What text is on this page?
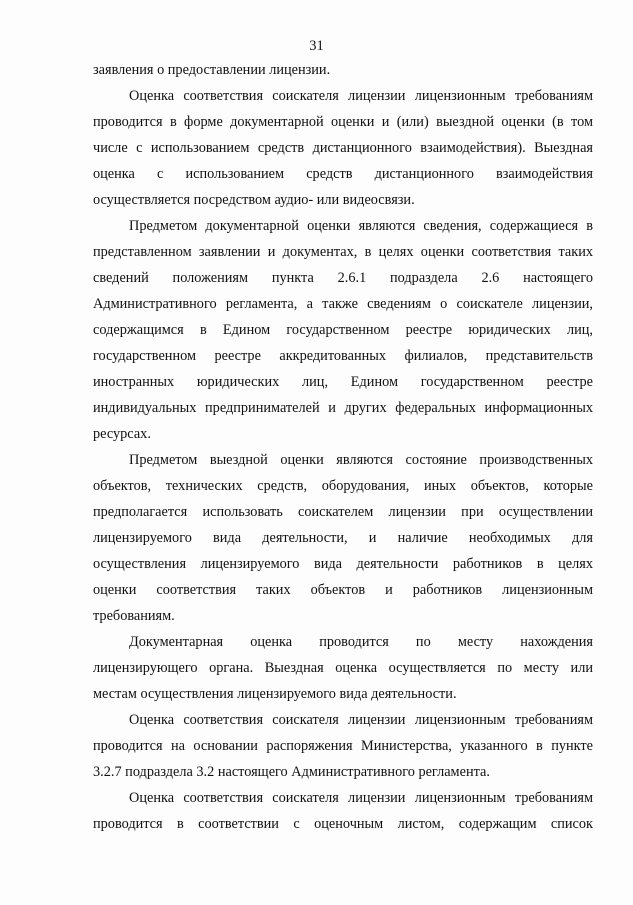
31
заявления о предоставлении лицензии.
Оценка соответствия соискателя лицензии лицензионным требованиям
проводится в форме документарной оценки и (или) выездной оценки (в том
числе с использованием средств дистанционного взаимодействия). Выездная
оценка с использованием средств дистанционного взаимодействия
осуществляется посредством аудио- или видеосвязи.
Предметом документарной оценки являются сведения, содержащиеся в
представленном заявлении и документах, в целях оценки соответствия таких
сведений положениям пункта 2.6.1 подраздела 2.6 настоящего
Административного регламента, а также сведениям о соискателе лицензии,
содержащимся в Едином государственном реестре юридических лиц,
государственном реестре аккредитованных филиалов, представительств
иностранных юридических лиц, Едином государственном реестре
индивидуальных предпринимателей и других федеральных информационных
ресурсах.
Предметом выездной оценки являются состояние производственных
объектов, технических средств, оборудования, иных объектов, которые
предполагается использовать соискателем лицензии при осуществлении
лицензируемого вида деятельности, и наличие необходимых для
осуществления лицензируемого вида деятельности работников в целях
оценки соответствия таких объектов и работников лицензионным
требованиям.
Документарная оценка проводится по месту нахождения
лицензирующего органа. Выездная оценка осуществляется по месту или
местам осуществления лицензируемого вида деятельности.
Оценка соответствия соискателя лицензии лицензионным требованиям
проводится на основании распоряжения Министерства, указанного в пункте
3.2.7 подраздела 3.2 настоящего Административного регламента.
Оценка соответствия соискателя лицензии лицензионным требованиям
проводится в соответствии с оценочным листом, содержащим список
